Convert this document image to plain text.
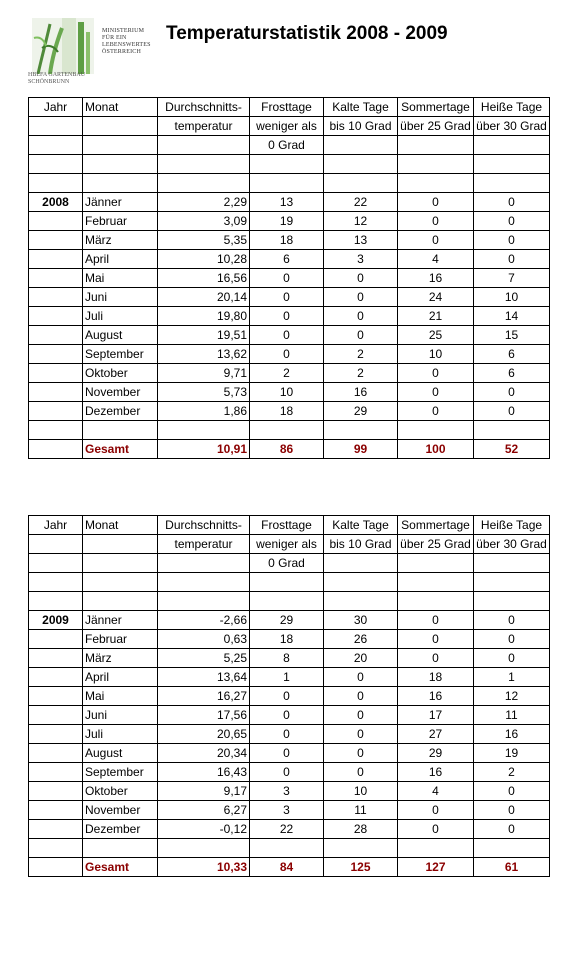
MINISTERIUM
FÜR EIN
LEBENSWERTES
ÖSTERREICH
HBLFA GARTENBAU
SCHÖNBRUNN
Temperaturstatistik 2008 - 2009
Jahr	Monat	Durchschnitts-	Frosttage	Kalte Tage	Sommertage	Heiße Tage
		temperatur	weniger als	bis 10 Grad	über 25 Grad	über 30 Grad
			0 Grad			

2008	Jänner	2,29	13	22	0	0
	Februar	3,09	19	12	0	0
	März	5,35	18	13	0	0
	April	10,28	6	3	4	0
	Mai	16,56	0	0	16	7
	Juni	20,14	0	0	24	10
	Juli	19,80	0	0	21	14
	August	19,51	0	0	25	15
	September	13,62	0	2	10	6
	Oktober	9,71	2	2	0	6
	November	5,73	10	16	0	0
	Dezember	1,86	18	29	0	0

	Gesamt	10,91	86	99	100	52
Jahr	Monat	Durchschnitts-	Frosttage	Kalte Tage	Sommertage	Heiße Tage
		temperatur	weniger als	bis 10 Grad	über 25 Grad	über 30 Grad
			0 Grad			

2009	Jänner	-2,66	29	30	0	0
	Februar	0,63	18	26	0	0
	März	5,25	8	20	0	0
	April	13,64	1	0	18	1
	Mai	16,27	0	0	16	12
	Juni	17,56	0	0	17	11
	Juli	20,65	0	0	27	16
	August	20,34	0	0	29	19
	September	16,43	0	0	16	2
	Oktober	9,17	3	10	4	0
	November	6,27	3	11	0	0
	Dezember	-0,12	22	28	0	0

	Gesamt	10,33	84	125	127	61
